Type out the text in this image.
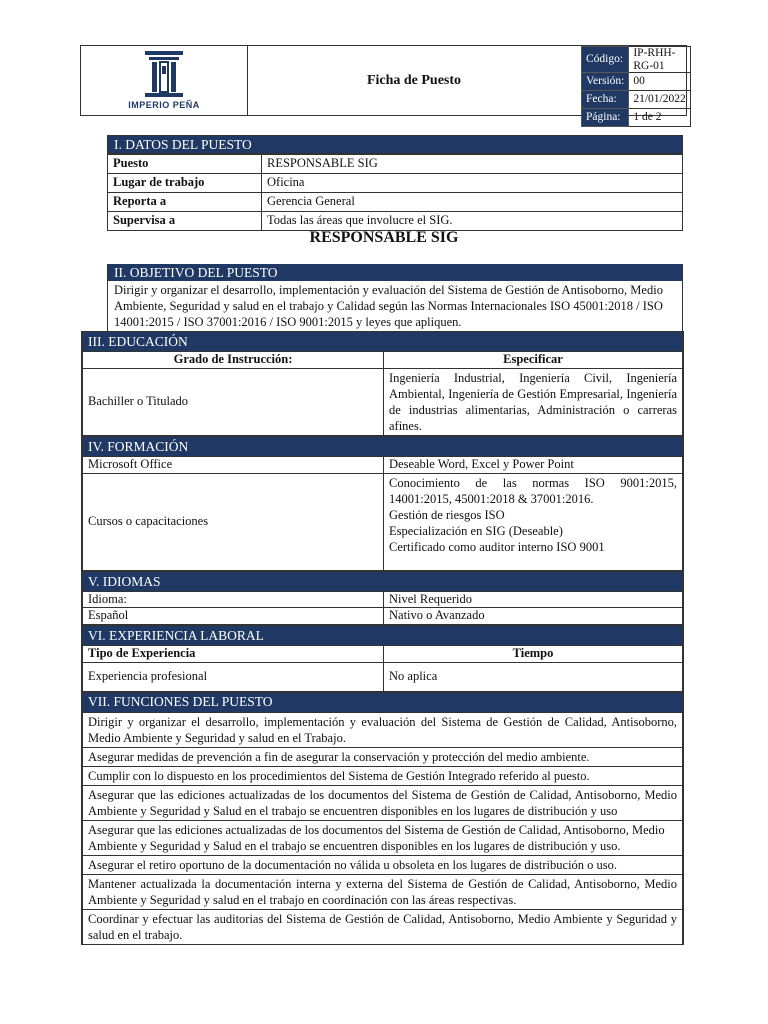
IMPERIO PEÑA
Ficha de Puesto
Código:	IP-RHH-RG-01
Versión:	00
Fecha:	21/01/2022
Página:	1 de 2
I. DATOS DEL PUESTO
Puesto	RESPONSABLE SIG
Lugar de trabajo	Oficina
Reporta a	Gerencia General
Supervisa a	Todas las áreas que involucre el SIG.
RESPONSABLE SIG
II. OBJETIVO DEL PUESTO
Dirigir y organizar el desarrollo, implementación y evaluación del Sistema de Gestión de Antisoborno, Medio Ambiente, Seguridad y salud en el trabajo y Calidad según las Normas Internacionales ISO 45001:2018 / ISO 14001:2015 / ISO 37001:2016 / ISO 9001:2015 y leyes que apliquen.
III. EDUCACIÓN	
Grado de Instrucción:	Especificar
Bachiller o Titulado	Ingeniería Industrial, Ingeniería Civil, Ingeniería Ambiental, Ingeniería de Gestión Empresarial, Ingeniería de industrias alimentarias, Administración o carreras afines.
IV. FORMACIÓN	
Microsoft Office	Deseable Word, Excel y Power Point
Cursos o capacitaciones	Conocimiento de las normas ISO 9001:2015, 14001:2015, 45001:2018 & 37001:2016.
Gestión de riesgos ISO
Especialización en SIG (Deseable)
Certificado como auditor interno ISO 9001
V. IDIOMAS	
Idioma:	Nivel Requerido
Español	Nativo o Avanzado
VI. EXPERIENCIA LABORAL	
Tipo de Experiencia	Tiempo
Experiencia profesional	No aplica
VII. FUNCIONES DEL PUESTO
Dirigir y organizar el desarrollo, implementación y evaluación del Sistema de Gestión de Calidad, Antisoborno, Medio Ambiente y Seguridad y salud en el Trabajo.
Asegurar medidas de prevención a fin de asegurar la conservación y protección del medio ambiente.
Cumplir con lo dispuesto en los procedimientos del Sistema de Gestión Integrado referido al puesto.
Asegurar que las ediciones actualizadas de los documentos del Sistema de Gestión de Calidad, Antisoborno, Medio Ambiente y Seguridad y Salud en el trabajo se encuentren disponibles en los lugares de distribución y uso
Asegurar que las ediciones actualizadas de los documentos del Sistema de Gestión de Calidad, Antisoborno, Medio Ambiente y Seguridad y Salud en el trabajo se encuentren disponibles en los lugares de distribución y uso.
Asegurar el retiro oportuno de la documentación no válida u obsoleta en los lugares de distribución o uso.
Mantener actualizada la documentación interna y externa del Sistema de Gestión de Calidad, Antisoborno, Medio Ambiente y Seguridad y salud en el trabajo en coordinación con las áreas respectivas.
Coordinar y efectuar las auditorias del Sistema de Gestión de Calidad, Antisoborno, Medio Ambiente y Seguridad y salud en el trabajo.
